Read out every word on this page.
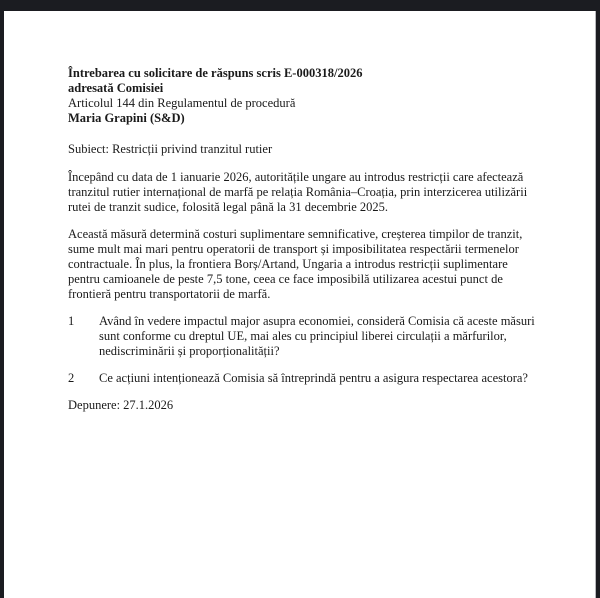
Întrebarea cu solicitare de răspuns scris E-000318/2026

adresată Comisiei

Articolul 144 din Regulamentul de procedură

Maria Grapini (S&D)

Subiect: Restricții privind tranzitul rutier

Începând cu data de 1 ianuarie 2026, autoritățile ungare au introdus restricții care afectează tranzitul rutier internațional de marfă pe relația România–Croația, prin interzicerea utilizării rutei de tranzit sudice, folosită legal până la 31 decembrie 2025.

Această măsură determină costuri suplimentare semnificative, creșterea timpilor de tranzit, sume mult mai mari pentru operatorii de transport și imposibilitatea respectării termenelor contractuale. În plus, la frontiera Borș/Artand, Ungaria a introdus restricții suplimentare pentru camioanele de peste 7,5 tone, ceea ce face imposibilă utilizarea acestui punct de frontieră pentru transportatorii de marfă.

1	Având în vedere impactul major asupra economiei, consideră Comisia că aceste măsuri sunt conforme cu dreptul UE, mai ales cu principiul liberei circulații a mărfurilor, nediscriminării și proporționalității?
2	Ce acțiuni intenționează Comisia să întreprindă pentru a asigura respectarea acestora?

Depunere: 27.1.2026
